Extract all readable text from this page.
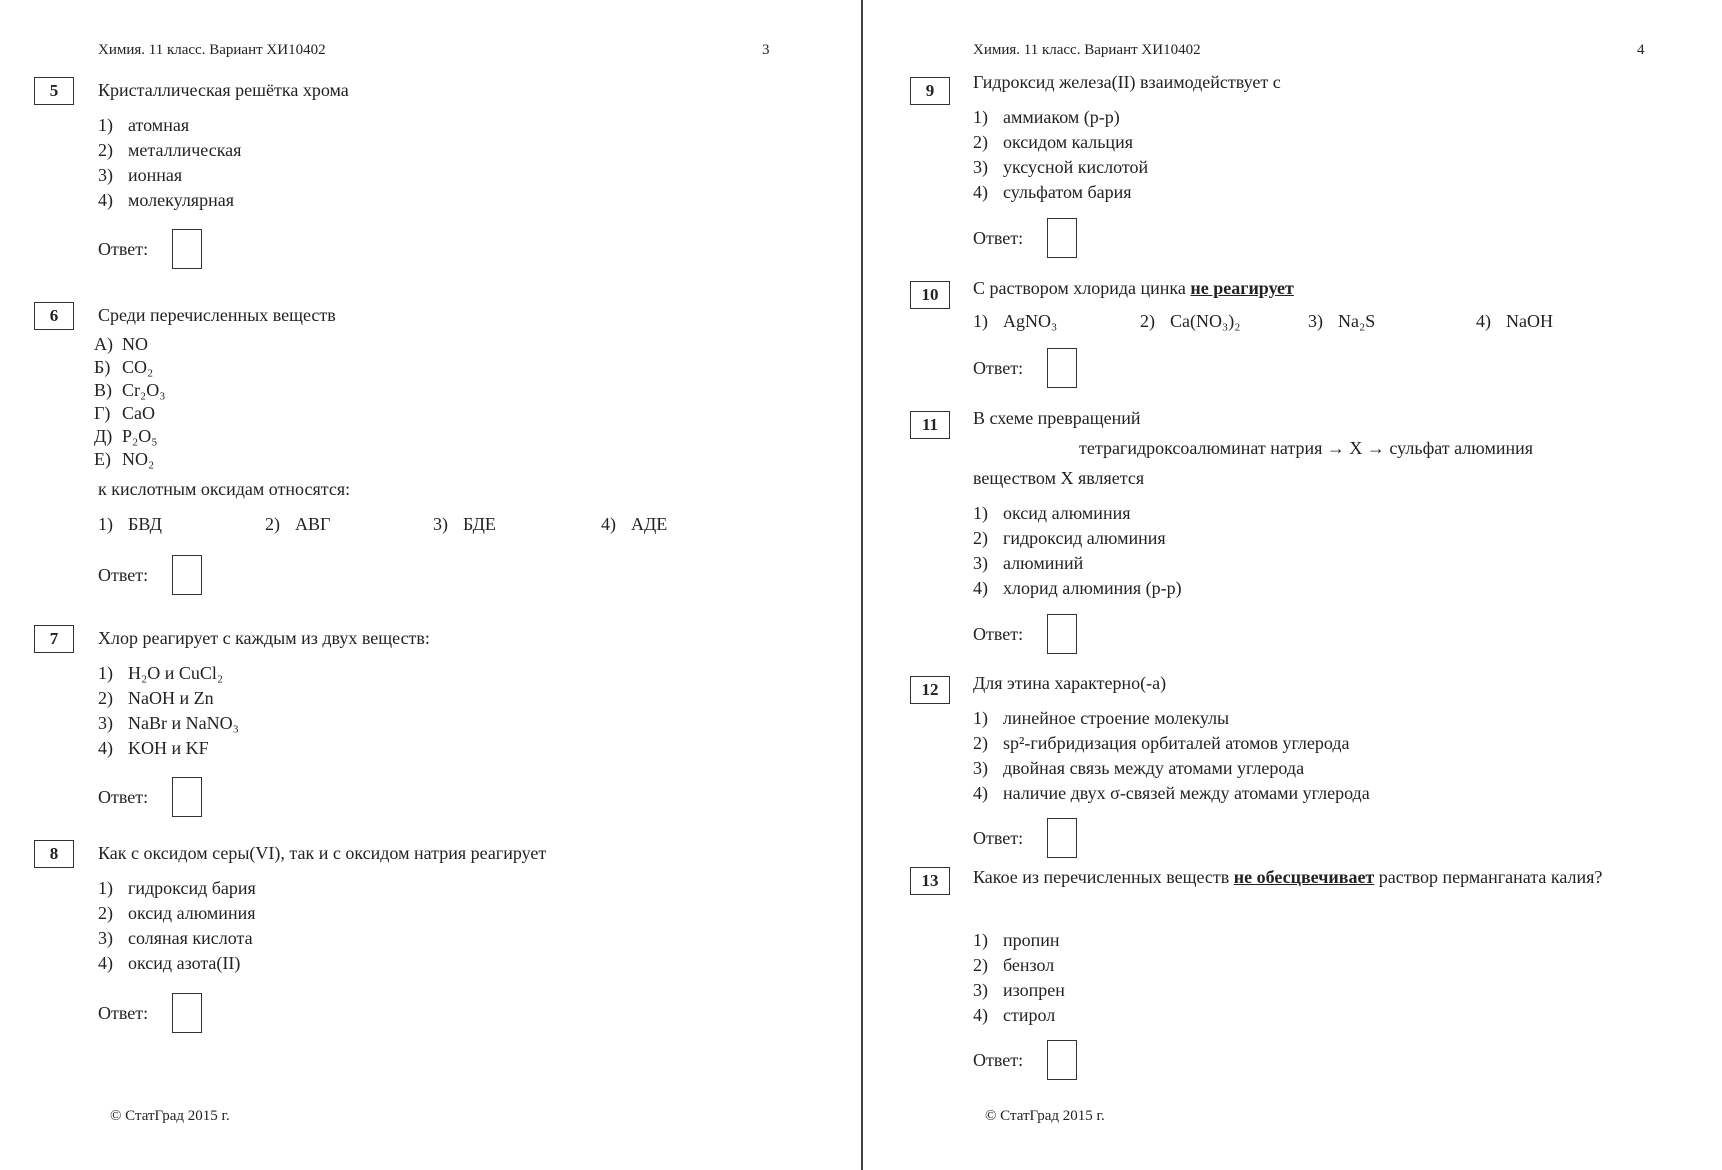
Химия. 11 класс. Вариант ХИ10402	3
5	Кристаллическая решётка хрома
1) атомная
2) металлическая
3) ионная
4) молекулярная
Ответ:
6	Среди перечисленных веществ
А) NO
Б) CO₂
В) Cr₂O₃
Г) CaO
Д) P₂O₅
Е) NO₂
к кислотным оксидам относятся:
1) БВД	2) АВГ	3) БДЕ	4) АДЕ
Ответ:
7	Хлор реагирует с каждым из двух веществ:
1) H₂O и CuCl₂
2) NaOH и Zn
3) NaBr и NaNO₃
4) KOH и KF
Ответ:
8	Как с оксидом серы(VI), так и с оксидом натрия реагирует
1) гидроксид бария
2) оксид алюминия
3) соляная кислота
4) оксид азота(II)
Ответ:
© СтатГрад 2015 г.
Химия. 11 класс. Вариант ХИ10402	4
9	Гидроксид железа(II) взаимодействует с
1) аммиаком (р-р)
2) оксидом кальция
3) уксусной кислотой
4) сульфатом бария
Ответ:
10	С раствором хлорида цинка не реагирует
1) AgNO₃	2) Ca(NO₃)₂	3) Na₂S	4) NaOH
Ответ:
11	В схеме превращений
тетрагидроксоалюминат натрия → X → сульфат алюминия
веществом X является
1) оксид алюминия
2) гидроксид алюминия
3) алюминий
4) хлорид алюминия (р-р)
Ответ:
12	Для этина характерно(-а)
1) линейное строение молекулы
2) sp²-гибридизация орбиталей атомов углерода
3) двойная связь между атомами углерода
4) наличие двух σ-связей между атомами углерода
Ответ:
13	Какое из перечисленных веществ не обесцвечивает раствор перманганата калия?
1) пропин
2) бензол
3) изопрен
4) стирол
Ответ:
© СтатГрад 2015 г.
